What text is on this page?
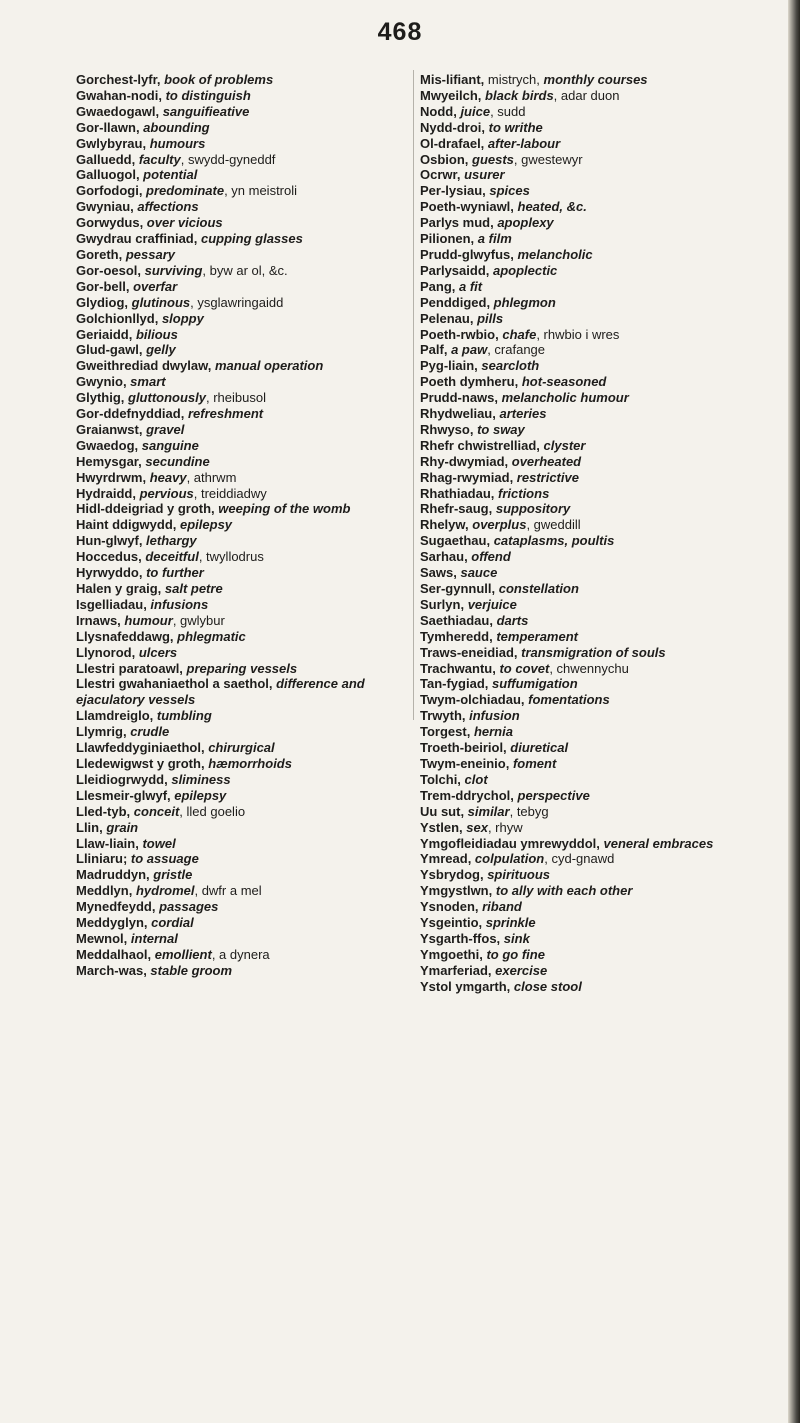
468

Gorchest-lyfr, book of problems

Gwahan-nodi, to distinguish

Gwaedogawl, sanguifieative

Gor-llawn, abounding

Gwlybyrau, humours

Galluedd, faculty, swydd-gyneddf

Galluogol, potential

Gorfodogi, predominate, yn meistroli

Gwyniau, affections

Gorwydus, over vicious

Gwydrau craffiniad, cupping glasses

Goreth, pessary

Gor-oesol, surviving, byw ar ol, &c.

Gor-bell, overfar

Glydiog, glutinous, ysglawringaidd

Golchionllyd, sloppy

Geriaidd, bilious

Glud-gawl, gelly

Gweithrediad dwylaw, manual operation

Gwynio, smart

Glythig, gluttonously, rheibusol

Gor-ddefnyddiad, refreshment

Graianwst, gravel

Gwaedog, sanguine

Hemysgar, secundine

Hwyrdrwm, heavy, athrwm

Hydraidd, pervious, treiddiadwy

Hidl-ddeigriad y groth, weeping of the womb

Haint ddigwydd, epilepsy

Hun-glwyf, lethargy

Hoccedus, deceitful, twyllodrus

Hyrwyddo, to further

Halen y graig, salt petre

Isgelliadau, infusions

Irnaws, humour, gwlybur

Llysnafeddawg, phlegmatic

Llynorod, ulcers

Llestri paratoawl, preparing vessels

Llestri gwahaniaethol a saethol, difference and ejaculatory vessels

Llamdreiglo, tumbling

Llymrig, crudle

Llawfeddyginiaethol, chirurgical

Lledewigwst y groth, hæmorrhoids

Lleidiogrwydd, sliminess

Llesmeir-glwyf, epilepsy

Lled-tyb, conceit, lled goelio

Llin, grain

Llaw-liain, towel

Lliniaru; to assuage

Madruddyn, gristle

Meddlyn, hydromel, dwfr a mel

Mynedfeydd, passages

Meddyglyn, cordial

Mewnol, internal

Meddalhaol, emollient, a dynera

March-was, stable groom

Mis-lifiant, mistrych, monthly courses

Mwyeilch, black birds, adar duon

Nodd, juice, sudd

Nydd-droi, to writhe

Ol-drafael, after-labour

Osbion, guests, gwestewyr

Ocrwr, usurer

Per-lysiau, spices

Poeth-wyniawl, heated, &c.

Parlys mud, apoplexy

Pilionen, a film

Prudd-glwyfus, melancholic

Parlysaidd, apoplectic

Pang, a fit

Penddiged, phlegmon

Pelenau, pills

Poeth-rwbio, chafe, rhwbio i wres

Palf, a paw, crafange

Pyg-liain, searcloth

Poeth dymheru, hot-seasoned

Prudd-naws, melancholic humour

Rhydweliau, arteries

Rhwyso, to sway

Rhefr chwistrelliad, clyster

Rhy-dwymiad, overheated

Rhag-rwymiad, restrictive

Rhathiadau, frictions

Rhefr-saug, suppository

Rhelyw, overplus, gweddill

Sugaethau, cataplasms, poultis

Sarhau, offend

Saws, sauce

Ser-gynnull, constellation

Surlyn, verjuice

Saethiadau, darts

Tymheredd, temperament

Traws-eneidiad, transmigration of souls

Trachwantu, to covet, chwennychu

Tan-fygiad, suffumigation

Twym-olchiadau, fomentations

Trwyth, infusion

Torgest, hernia

Troeth-beiriol, diuretical

Twym-eneinio, foment

Tolchi, clot

Trem-ddrychol, perspective

Uu sut, similar, tebyg

Ystlen, sex, rhyw

Ymgofleidiadau ymrewyddol, veneral embraces

Ymread, colpulation, cyd-gnawd

Ysbrydog, spirituous

Ymgystlwn, to ally with each other

Ysnoden, riband

Ysgeintio, sprinkle

Ysgarth-ffos, sink

Ymgoethi, to go fine

Ymarferiad, exercise

Ystol ymgarth, close stool
